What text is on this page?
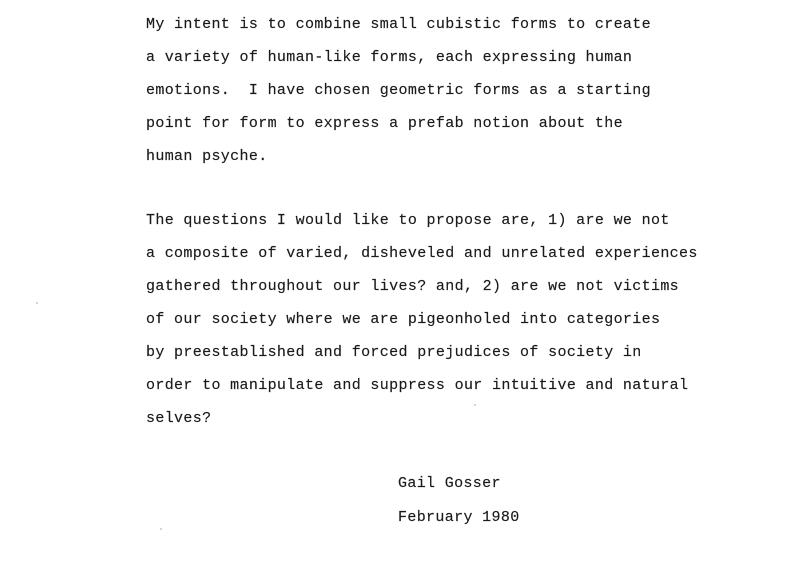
My intent is to combine small cubistic forms to create
a variety of human-like forms, each expressing human
emotions.  I have chosen geometric forms as a starting
point for form to express a prefab notion about the
human psyche.
The questions I would like to propose are, 1) are we not
a composite of varied, disheveled and unrelated experiences
gathered throughout our lives? and, 2) are we not victims
of our society where we are pigeonholed into categories
by preestablished and forced prejudices of society in
order to manipulate and suppress our intuitive and natural
selves?
Gail Gosser
February 1980
